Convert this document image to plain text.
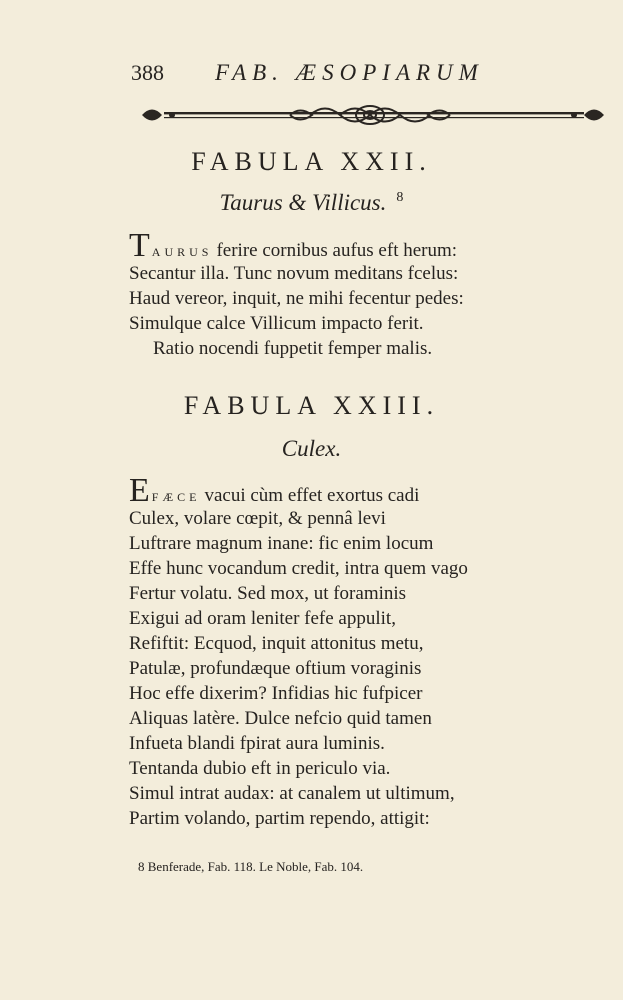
388 FAB. ÆSOPIARUM
FABULA XXII.
Taurus & Villicus. $^8$
TAURUS ferire cornibus aufus eft herum:
Secantur illa. Tunc novum meditans fcelus:
Haud vereor, inquit, ne mihi fecentur pedes:
Simulque calce Villicum impacto ferit.
Ratio nocendi fuppetit femper malis.
FABULA XXIII.
Culex.
EFÆCE vacui cùm effet exortus cadi
Culex, volare cœpit, & pennâ levi
Luftrare magnum inane: fic enim locum
Effe hunc vocandum credit, intra quem vago
Fertur volatu. Sed mox, ut foraminis
Exigui ad oram leniter fefe appulit,
Refiftit: Ecquod, inquit attonitus metu,
Patulæ, profundæque oftium voraginis
Hoc effe dixerim? Infidias hic fufpicer
Aliquas latère. Dulce nefcio quid tamen
Infueta blandi fpirat aura luminis.
Tentanda dubio eft in periculo via.
Simul intrat audax: at canalem ut ultimum,
Partim volando, partim rependo, attigit:
8 Benferade, Fab. 118. Le Noble, Fab. 104.
